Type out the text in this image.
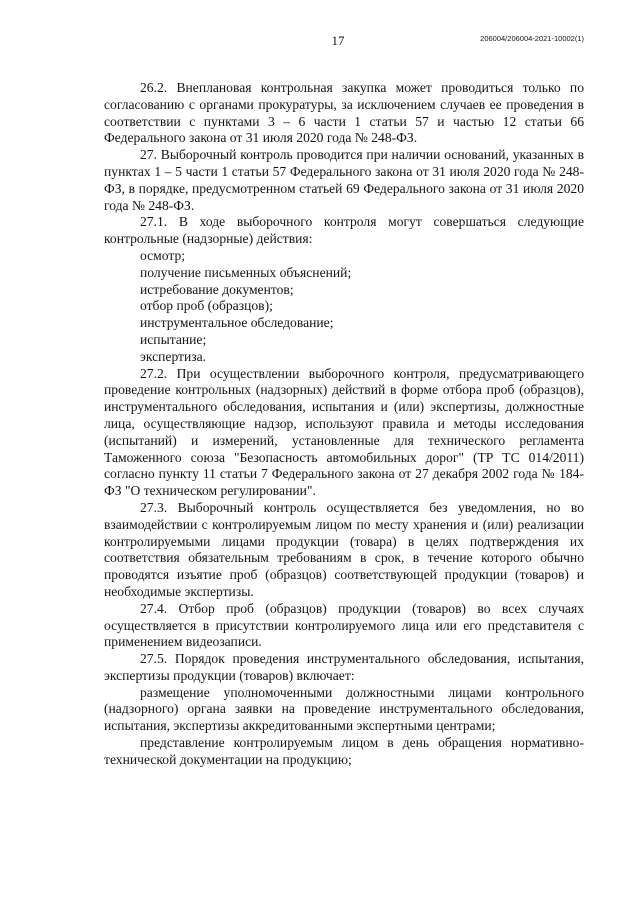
17	206004/206004-2021-10002(1)

26.2. Внеплановая контрольная закупка может проводиться только по согласованию с органами прокуратуры, за исключением случаев ее проведения в соответствии с пунктами 3 – 6 части 1 статьи 57 и частью 12 статьи 66 Федерального закона от 31 июля 2020 года № 248-ФЗ.

27. Выборочный контроль проводится при наличии оснований, указанных в пунктах 1 – 5 части 1 статьи 57 Федерального закона от 31 июля 2020 года № 248-ФЗ, в порядке, предусмотренном статьей 69 Федерального закона от 31 июля 2020 года № 248-ФЗ.

27.1. В ходе выборочного контроля могут совершаться следующие контрольные (надзорные) действия:

осмотр;

получение письменных объяснений;

истребование документов;

отбор проб (образцов);

инструментальное обследование;

испытание;

экспертиза.

27.2. При осуществлении выборочного контроля, предусматривающего проведение контрольных (надзорных) действий в форме отбора проб (образцов), инструментального обследования, испытания и (или) экспертизы, должностные лица, осуществляющие надзор, используют правила и методы исследования (испытаний) и измерений, установленные для технического регламента Таможенного союза "Безопасность автомобильных дорог" (ТР ТС 014/2011) согласно пункту 11 статьи 7 Федерального закона от 27 декабря 2002 года № 184-ФЗ "О техническом регулировании".

27.3. Выборочный контроль осуществляется без уведомления, но во взаимодействии с контролируемым лицом по месту хранения и (или) реализации контролируемыми лицами продукции (товара) в целях подтверждения их соответствия обязательным требованиям в срок, в течение которого обычно проводятся изъятие проб (образцов) соответствующей продукции (товаров) и необходимые экспертизы.

27.4. Отбор проб (образцов) продукции (товаров) во всех случаях осуществляется в присутствии контролируемого лица или его представителя с применением видеозаписи.

27.5. Порядок проведения инструментального обследования, испытания, экспертизы продукции (товаров) включает:

размещение уполномоченными должностными лицами контрольного (надзорного) органа заявки на проведение инструментального обследования, испытания, экспертизы аккредитованными экспертными центрами;

представление контролируемым лицом в день обращения нормативно-технической документации на продукцию;
